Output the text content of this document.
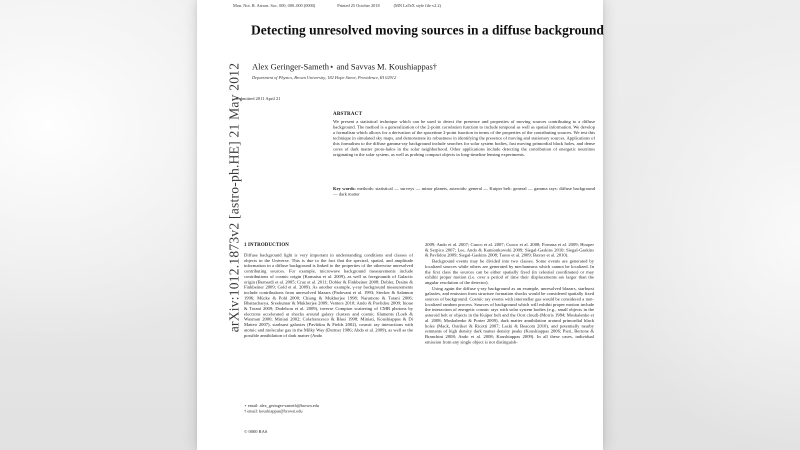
Mon. Not. R. Astron. Soc. 000, 000–000 (0000)	Printed 25 October 2018 (MN LaTeX style file v2.2)
Detecting unresolved moving sources in a diffuse background
Alex Geringer-Sameth⋆ and Savvas M. Koushiappas†
Department of Physics, Brown University, 182 Hope Street, Providence, RI 02912
Submitted 2011 April 21
ABSTRACT
We present a statistical technique which can be used to detect the presence and properties of moving sources contributing to a diffuse background. The method is a generalization of the 2-point correlation function to include temporal as well as spatial information. We develop a formalism which allows for a derivation of the spacetime 2-point function in terms of the properties of the contributing sources. We test this technique in simulated sky maps, and demonstrate its robustness in identifying the presence of moving and stationary sources. Applications of this formalism to the diffuse gamma-ray background include searches for solar system bodies, fast moving primordial black holes, and dense cores of dark matter proto-halos in the solar neighborhood. Other applications include detecting the contribution of energetic neutrinos originating in the solar system, as well as probing compact objects in long-timeline lensing experiments.
Key words: methods: statistical — surveys — minor planets, asteroids: general — Kuiper belt: general — gamma rays: diffuse background — dark matter

1 INTRODUCTION

Diffuse background light is very important in understanding conditions and classes of objects in the Universe. This is due to the fact that the spectral, spatial, and amplitude information in a diffuse background is linked to the properties of the otherwise unresolved contributing sources. For example, microwave background measurements include contributions of cosmic origin (Komatsu et al. 2009), as well as foregrounds of Galactic origin (Bernardi et al. 2005; Cruz et al. 2011; Dobler & Finkbeiner 2008; Dobler, Draine & Finkbeiner 2009; Gold et al. 2009). As another example, γ-ray background measurements include contributions from unresolved blazars (Padovani et al. 1993; Stecker & Salamon 1996; Mücke & Pohl 2000; Chiang & Mukherjee 1998; Narumoto & Totani 2006; Bhattacharya, Sreekumar & Mukherjee 2009; Venters 2010; Ando & Pavlidou 2009; Inoue & Totani 2009; Dodelson et al. 2009), inverse Compton scattering of CMB photons by electrons accelerated at shocks around galaxy clusters and cosmic filaments (Loeb & Waxman 2000; Miniati 2002; Colafrancesco & Blasi 1998; Miniati, Koushiappas & Di Matteo 2007), starburst galaxies (Pavlidou & Fields 2002), cosmic ray interactions with atomic and molecular gas in the Milky Way (Dermer 1986; Abdo et al. 2009), as well as the possible annihilation of dark matter (Ando

2009; Ando et al. 2007; Cuoco et al. 2007; Cuoco et al. 2008; Fornasa et al. 2009; Hooper & Serpico 2007; Lee, Ando & Kamionkowski 2009; Siegal-Gaskins 2010; Siegal-Gaskins & Pavlidou 2009; Siegal-Gaskins 2008; Taoso et al. 2009; Baxter et al. 2010).

Background events may be divided into two classes. Some events are generated by localized sources while others are generated by mechanisms which cannot be localized. In the first class the sources can be either spatially fixed (in celestial coordinates) or may exhibit proper motion (i.e. over a period of time their displacements are larger than the angular resolution of the detector).

Using again the diffuse γ-ray background as an example, unresolved blazars, starburst galaxies, and emission from structure formation shocks would be considered spatially fixed sources of background. Cosmic ray events with interstellar gas would be considered a non-localized random process. Sources of background which will exhibit proper motion include the interaction of energetic cosmic rays with solar system bodies (e.g., small objects in the asteroid belt or objects in the Kuiper belt and the Oort cloud) (Morris 1984; Moskalenko et al. 2008; Moskalenko & Porter 2009), dark matter annihilation around primordial black holes (Mack, Ostriker & Ricotti 2007; Lacki & Beacom 2010), and potentially nearby remnants of high density dark matter density peaks (Koushiappas 2006; Pieri, Bertone & Branchini 2008; Ando et al. 2008; Koushiappas 2009). In all these cases, individual emission from any single object is not distinguish-

⋆ email: alex_geringer-sameth@brown.edu
† email: koushiappas@brown.edu
© 0000 RAS
arXiv:1012.1873v2 [astro-ph.HE] 21 May 2012
